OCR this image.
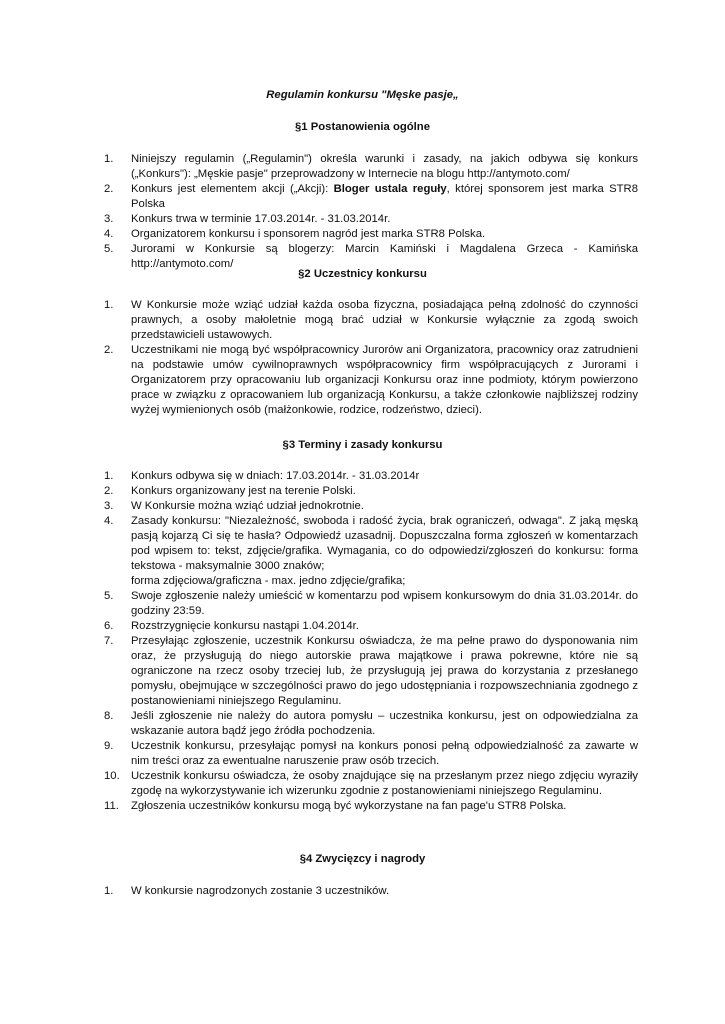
Regulamin konkursu "Męske pasje„
§1 Postanowienia ogólne
1. Niniejszy regulamin („Regulamin") określa warunki i zasady, na jakich odbywa się konkurs („Konkurs"): „Męskie pasje" przeprowadzony w Internecie na blogu http://antymoto.com/
2. Konkurs jest elementem akcji („Akcji): Bloger ustala reguły, której sponsorem jest marka STR8 Polska
3. Konkurs trwa w terminie 17.03.2014r. - 31.03.2014r.
4. Organizatorem konkursu i sponsorem nagród jest marka STR8 Polska.
5. Jurorami w Konkursie są blogerzy: Marcin Kamiński i Magdalena Grzeca - Kamińska http://antymoto.com/
§2 Uczestnicy konkursu
1. W Konkursie może wziąć udział każda osoba fizyczna, posiadająca pełną zdolność do czynności prawnych, a osoby małoletnie mogą brać udział w Konkursie wyłącznie za zgodą swoich przedstawicieli ustawowych.
2. Uczestnikami nie mogą być współpracownicy Jurorów ani Organizatora, pracownicy oraz zatrudnieni na podstawie umów cywilnoprawnych współpracownicy firm współpracujących z Jurorami i Organizatorem przy opracowaniu lub organizacji Konkursu oraz inne podmioty, którym powierzono prace w związku z opracowaniem lub organizacją Konkursu, a także członkowie najbliższej rodziny wyżej wymienionych osób (małżonkowie, rodzice, rodzeństwo, dzieci).
§3 Terminy i zasady konkursu
1. Konkurs odbywa się w dniach: 17.03.2014r. - 31.03.2014r
2. Konkurs organizowany jest na terenie Polski.
3. W Konkursie można wziąć udział jednokrotnie.
4. Zasady konkursu: "Niezależność, swoboda i radość życia, brak ograniczeń, odwaga". Z jaką męską pasją kojarzą Ci się te hasła? Odpowiedź uzasadnij. Dopuszczalna forma zgłoszeń w komentarzach pod wpisem to: tekst, zdjęcie/grafika. Wymagania, co do odpowiedzi/zgłoszeń do konkursu: forma tekstowa - maksymalnie 3000 znaków;
forma zdjęciowa/graficzna - max. jedno zdjęcie/grafika;
5. Swoje zgłoszenie należy umieścić w komentarzu pod wpisem konkursowym do dnia 31.03.2014r. do godziny 23:59.
6. Rozstrzygnięcie konkursu nastąpi 1.04.2014r.
7. Przesyłając zgłoszenie, uczestnik Konkursu oświadcza, że ma pełne prawo do dysponowania nim oraz, że przysługują do niego autorskie prawa majątkowe i prawa pokrewne, które nie są ograniczone na rzecz osoby trzeciej lub, że przysługują jej prawa do korzystania z przesłanego pomysłu, obejmujące w szczególności prawo do jego udostępniania i rozpowszechniania zgodnego z postanowieniami niniejszego Regulaminu.
8. Jeśli zgłoszenie nie należy do autora pomysłu – uczestnika konkursu, jest on odpowiedzialna za wskazanie autora bądź jego źródła pochodzenia.
9. Uczestnik konkursu, przesyłając pomysł na konkurs ponosi pełną odpowiedzialność za zawarte w nim treści oraz za ewentualne naruszenie praw osób trzecich.
10. Uczestnik konkursu oświadcza, że osoby znajdujące się na przesłanym przez niego zdjęciu wyraziły zgodę na wykorzystywanie ich wizerunku zgodnie z postanowieniami niniejszego Regulaminu.
11. Zgłoszenia uczestników konkursu mogą być wykorzystane na fan page'u STR8 Polska.
§4 Zwycięzcy i nagrody
1. W konkursie nagrodzonych zostanie 3 uczestników.
